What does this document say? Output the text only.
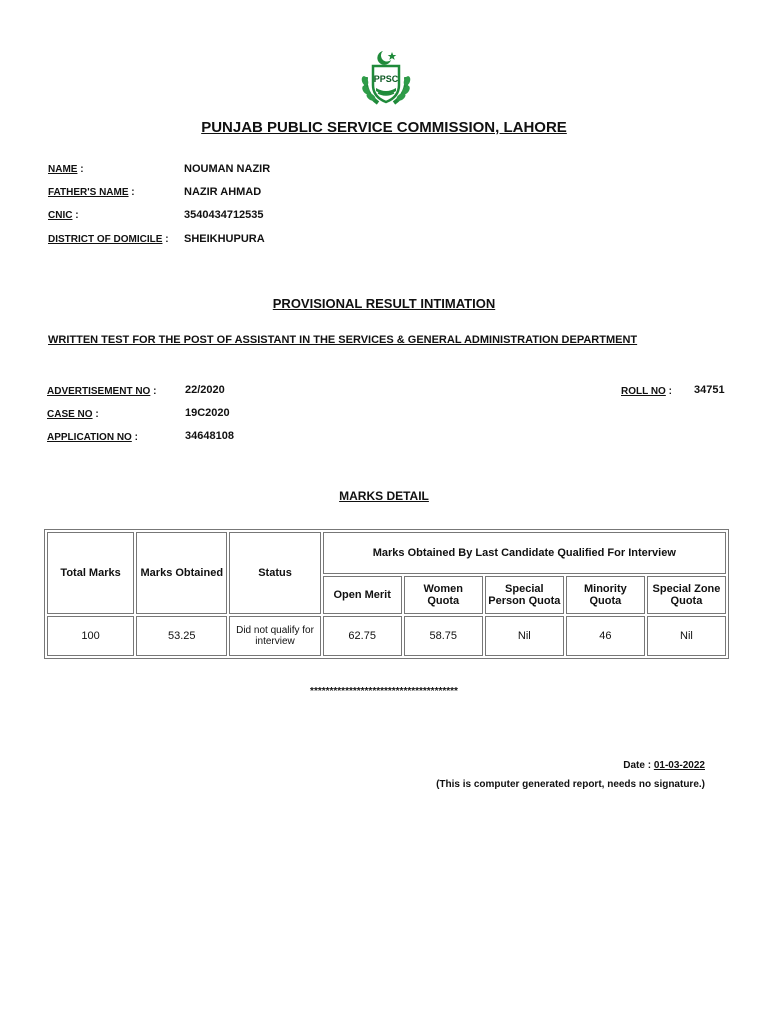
PPSC
PUNJAB PUBLIC SERVICE COMMISSION, LAHORE
NAME :	NOUMAN NAZIR
FATHER'S NAME :	NAZIR AHMAD
CNIC :	3540434712535
DISTRICT OF DOMICILE : SHEIKHUPURA
PROVISIONAL RESULT INTIMATION
WRITTEN TEST FOR THE POST OF ASSISTANT IN THE SERVICES & GENERAL ADMINISTRATION DEPARTMENT
ADVERTISEMENT NO :	22/2020
CASE NO :	19C2020
APPLICATION NO :	34648108
ROLL NO : 34751
MARKS DETAIL
Total Marks	Marks Obtained	Status	Marks Obtained By Last Candidate Qualified For Interview				
			Open Merit	Women Quota	Special Person Quota	Minority Quota	Special Zone Quota
100	53.25	Did not qualify for interview	62.75	58.75	Nil	46	Nil
**************************************
Date : 01-03-2022
(This is computer generated report, needs no signature.)
